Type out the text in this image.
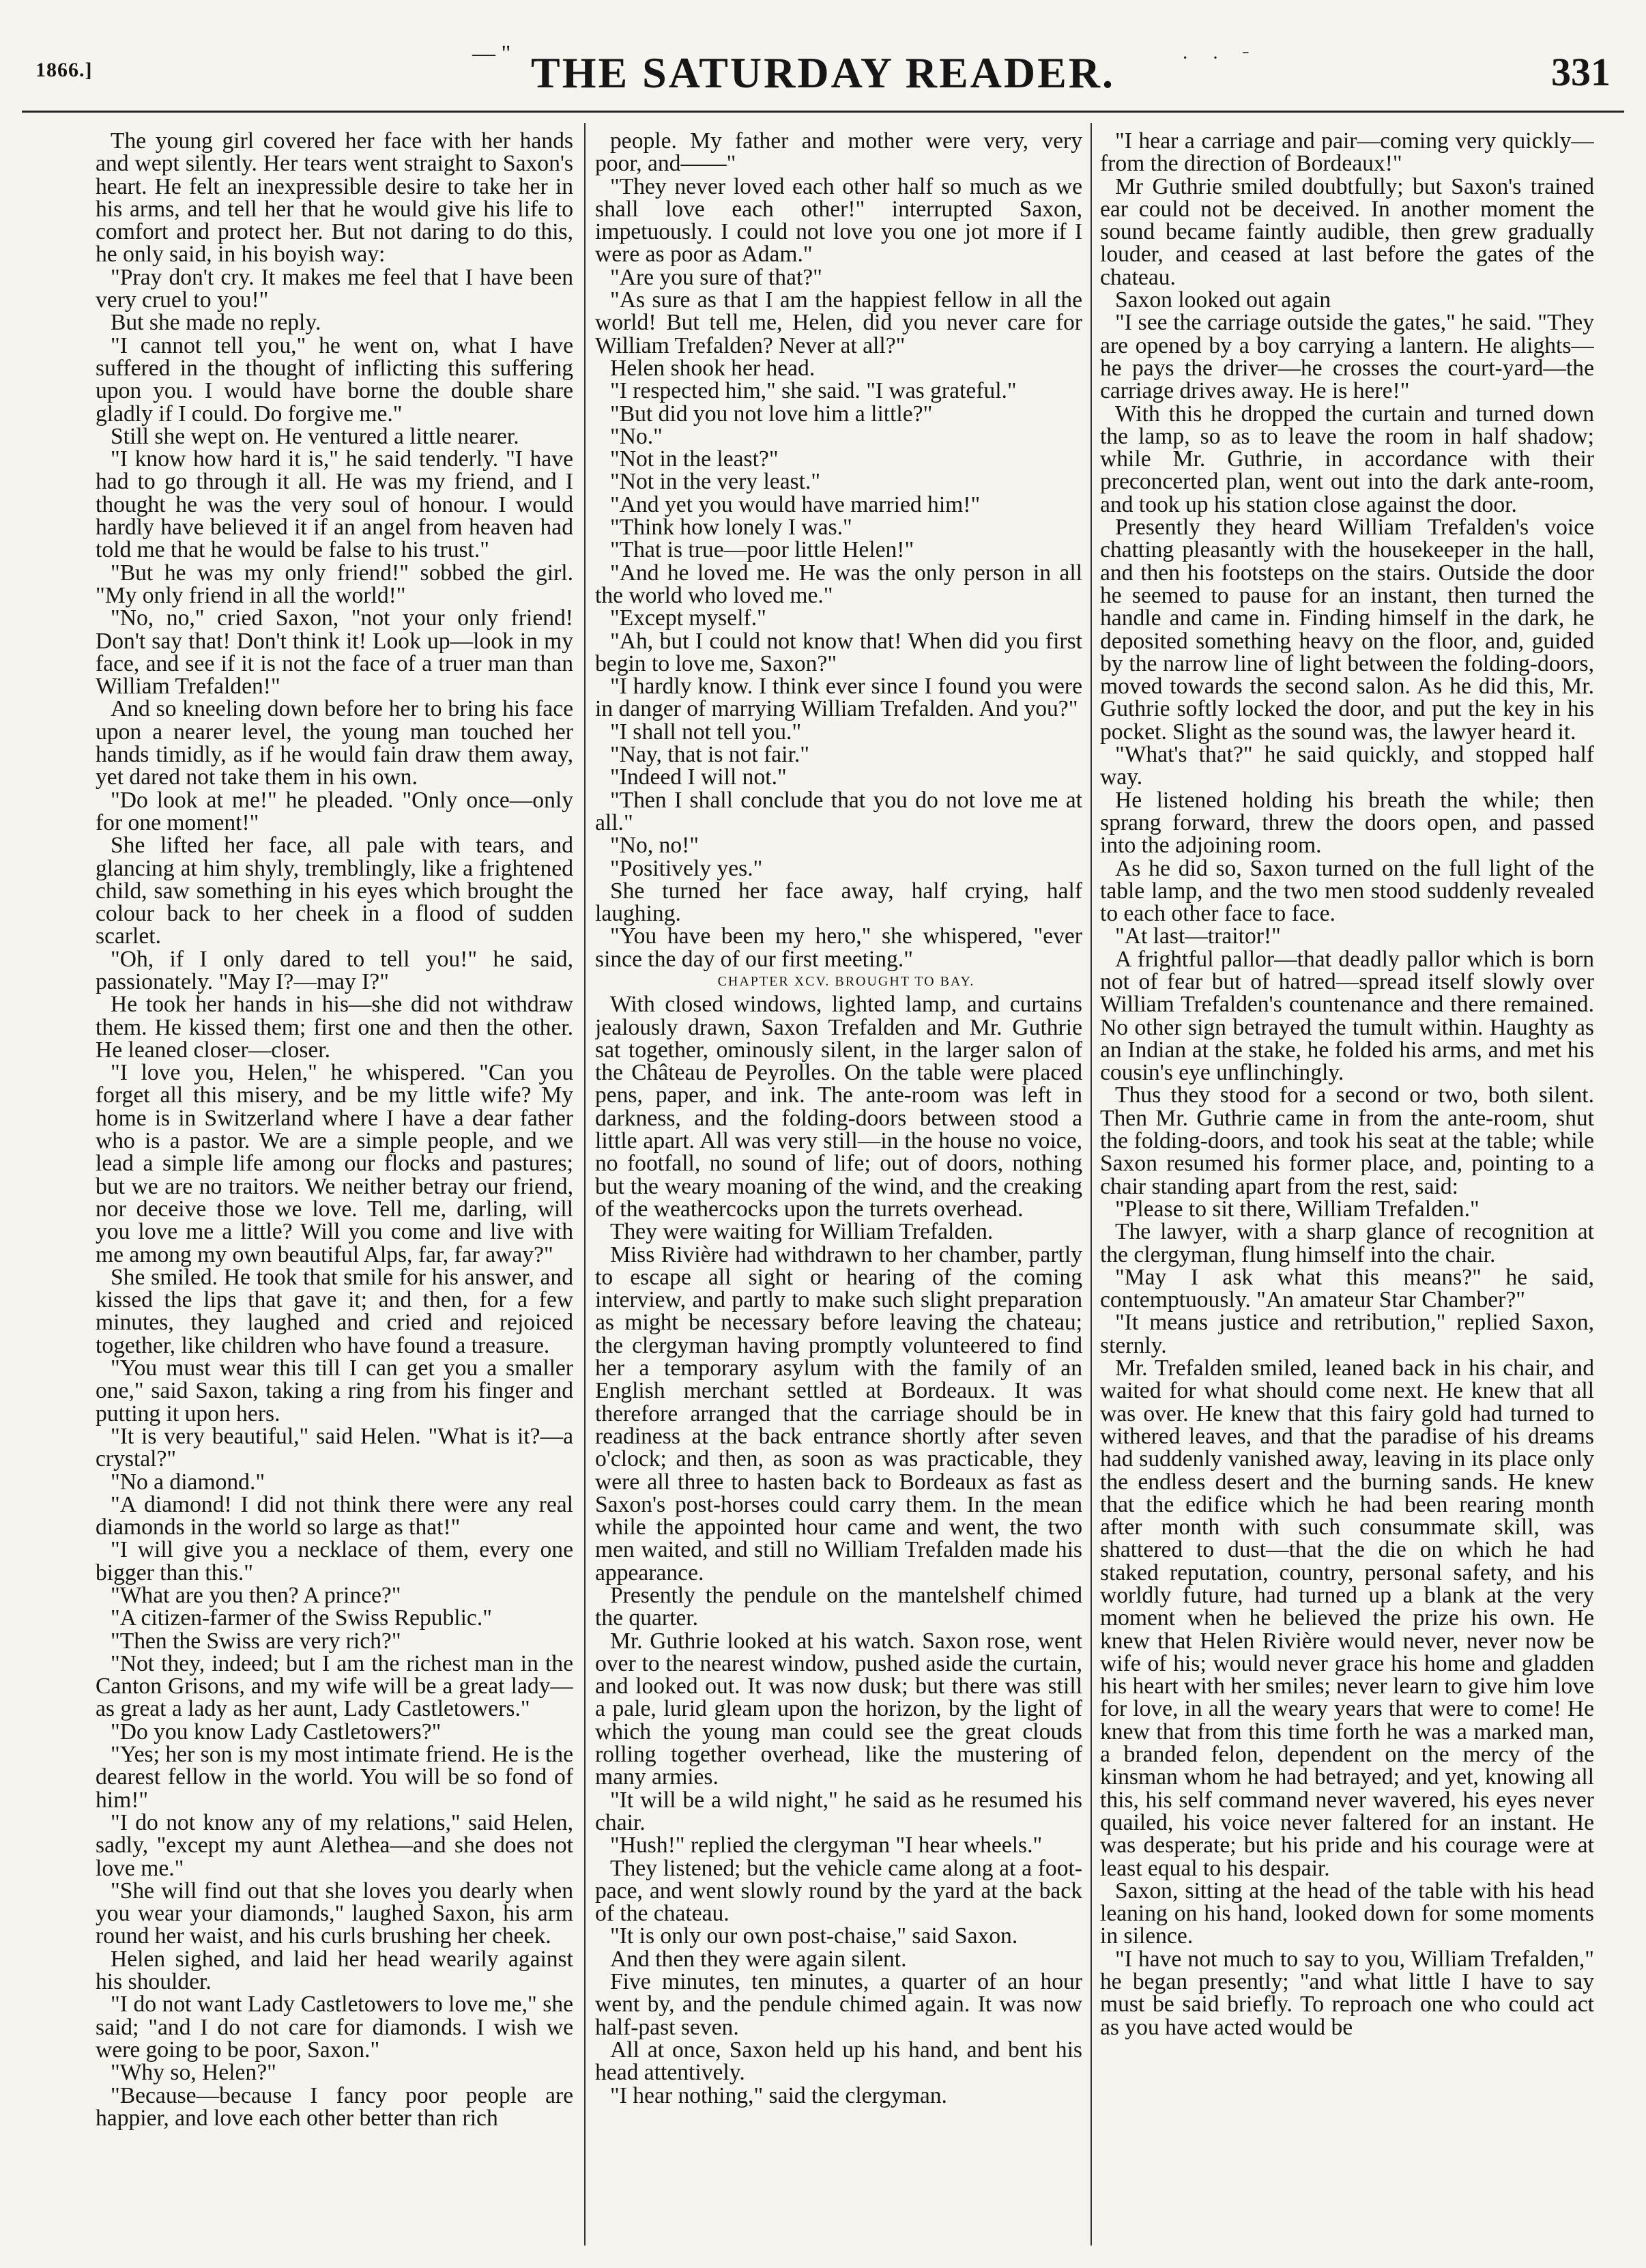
1866.]
— " THE SATURDAY READER.	· · ˉ	331

The young girl covered her face with her hands and wept silently. Her tears went straight to Saxon's heart. He felt an inexpressible desire to take her in his arms, and tell her that he would give his life to comfort and protect her. But not daring to do this, he only said, in his boyish way:

"Pray don't cry. It makes me feel that I have been very cruel to you!"

But she made no reply.

"I cannot tell you," he went on, what I have suffered in the thought of inflicting this suffering upon you. I would have borne the double share gladly if I could. Do forgive me."

Still she wept on. He ventured a little nearer.

"I know how hard it is," he said tenderly. "I have had to go through it all. He was my friend, and I thought he was the very soul of honour. I would hardly have believed it if an angel from heaven had told me that he would be false to his trust."

"But he was my only friend!" sobbed the girl. "My only friend in all the world!"

"No, no," cried Saxon, "not your only friend! Don't say that! Don't think it! Look up—look in my face, and see if it is not the face of a truer man than William Trefalden!"

And so kneeling down before her to bring his face upon a nearer level, the young man touched her hands timidly, as if he would fain draw them away, yet dared not take them in his own.

"Do look at me!" he pleaded. "Only once—only for one moment!"

She lifted her face, all pale with tears, and glancing at him shyly, tremblingly, like a frightened child, saw something in his eyes which brought the colour back to her cheek in a flood of sudden scarlet.

"Oh, if I only dared to tell you!" he said, passionately. "May I?—may I?"

He took her hands in his—she did not withdraw them. He kissed them; first one and then the other. He leaned closer—closer.

"I love you, Helen," he whispered. "Can you forget all this misery, and be my little wife? My home is in Switzerland where I have a dear father who is a pastor. We are a simple people, and we lead a simple life among our flocks and pastures; but we are no traitors. We neither betray our friend, nor deceive those we love. Tell me, darling, will you love me a little? Will you come and live with me among my own beautiful Alps, far, far away?"

She smiled. He took that smile for his answer, and kissed the lips that gave it; and then, for a few minutes, they laughed and cried and rejoiced together, like children who have found a treasure.

"You must wear this till I can get you a smaller one," said Saxon, taking a ring from his finger and putting it upon hers.

"It is very beautiful," said Helen. "What is it?—a crystal?"

"No a diamond."

"A diamond! I did not think there were any real diamonds in the world so large as that!"

"I will give you a necklace of them, every one bigger than this."

"What are you then? A prince?"

"A citizen-farmer of the Swiss Republic."

"Then the Swiss are very rich?"

"Not they, indeed; but I am the richest man in the Canton Grisons, and my wife will be a great lady—as great a lady as her aunt, Lady Castletowers."

"Do you know Lady Castletowers?"

"Yes; her son is my most intimate friend. He is the dearest fellow in the world. You will be so fond of him!"

"I do not know any of my relations," said Helen, sadly, "except my aunt Alethea—and she does not love me."

"She will find out that she loves you dearly when you wear your diamonds," laughed Saxon, his arm round her waist, and his curls brushing her cheek.

Helen sighed, and laid her head wearily against his shoulder.

"I do not want Lady Castletowers to love me," she said; "and I do not care for diamonds. I wish we were going to be poor, Saxon."

"Why so, Helen?"

"Because—because I fancy poor people are happier, and love each other better than rich

people. My father and mother were very, very poor, and——"

"They never loved each other half so much as we shall love each other!" interrupted Saxon, impetuously. I could not love you one jot more if I were as poor as Adam."

"Are you sure of that?"

"As sure as that I am the happiest fellow in all the world! But tell me, Helen, did you never care for William Trefalden? Never at all?"

Helen shook her head.

"I respected him," she said. "I was grateful."

"But did you not love him a little?"

"No."

"Not in the least?"

"Not in the very least."

"And yet you would have married him!"

"Think how lonely I was."

"That is true—poor little Helen!"

"And he loved me. He was the only person in all the world who loved me."

"Except myself."

"Ah, but I could not know that! When did you first begin to love me, Saxon?"

"I hardly know. I think ever since I found you were in danger of marrying William Trefalden. And you?"

"I shall not tell you."

"Nay, that is not fair."

"Indeed I will not."

"Then I shall conclude that you do not love me at all."

"No, no!"

"Positively yes."

She turned her face away, half crying, half laughing.

"You have been my hero," she whispered, "ever since the day of our first meeting."

CHAPTER XCV. BROUGHT TO BAY.

With closed windows, lighted lamp, and curtains jealously drawn, Saxon Trefalden and Mr. Guthrie sat together, ominously silent, in the larger salon of the Château de Peyrolles. On the table were placed pens, paper, and ink. The ante-room was left in darkness, and the folding-doors between stood a little apart. All was very still—in the house no voice, no footfall, no sound of life; out of doors, nothing but the weary moaning of the wind, and the creaking of the weathercocks upon the turrets overhead.

They were waiting for William Trefalden.

Miss Rivière had withdrawn to her chamber, partly to escape all sight or hearing of the coming interview, and partly to make such slight preparation as might be necessary before leaving the chateau; the clergyman having promptly volunteered to find her a temporary asylum with the family of an English merchant settled at Bordeaux. It was therefore arranged that the carriage should be in readiness at the back entrance shortly after seven o'clock; and then, as soon as was practicable, they were all three to hasten back to Bordeaux as fast as Saxon's post-horses could carry them. In the mean while the appointed hour came and went, the two men waited, and still no William Trefalden made his appearance.

Presently the pendule on the mantelshelf chimed the quarter.

Mr. Guthrie looked at his watch. Saxon rose, went over to the nearest window, pushed aside the curtain, and looked out. It was now dusk; but there was still a pale, lurid gleam upon the horizon, by the light of which the young man could see the great clouds rolling together overhead, like the mustering of many armies.

"It will be a wild night," he said as he resumed his chair.

"Hush!" replied the clergyman "I hear wheels."

They listened; but the vehicle came along at a foot-pace, and went slowly round by the yard at the back of the chateau.

"It is only our own post-chaise," said Saxon.

And then they were again silent.

Five minutes, ten minutes, a quarter of an hour went by, and the pendule chimed again. It was now half-past seven.

All at once, Saxon held up his hand, and bent his head attentively.

"I hear nothing," said the clergyman.

"I hear a carriage and pair—coming very quickly—from the direction of Bordeaux!"

Mr Guthrie smiled doubtfully; but Saxon's trained ear could not be deceived. In another moment the sound became faintly audible, then grew gradually louder, and ceased at last before the gates of the chateau.

Saxon looked out again

"I see the carriage outside the gates," he said. "They are opened by a boy carrying a lantern. He alights—he pays the driver—he crosses the court-yard—the carriage drives away. He is here!"

With this he dropped the curtain and turned down the lamp, so as to leave the room in half shadow; while Mr. Guthrie, in accordance with their preconcerted plan, went out into the dark ante-room, and took up his station close against the door.

Presently they heard William Trefalden's voice chatting pleasantly with the housekeeper in the hall, and then his footsteps on the stairs. Outside the door he seemed to pause for an instant, then turned the handle and came in. Finding himself in the dark, he deposited something heavy on the floor, and, guided by the narrow line of light between the folding-doors, moved towards the second salon. As he did this, Mr. Guthrie softly locked the door, and put the key in his pocket. Slight as the sound was, the lawyer heard it.

"What's that?" he said quickly, and stopped half way.

He listened holding his breath the while; then sprang forward, threw the doors open, and passed into the adjoining room.

As he did so, Saxon turned on the full light of the table lamp, and the two men stood suddenly revealed to each other face to face.

"At last—traitor!"

A frightful pallor—that deadly pallor which is born not of fear but of hatred—spread itself slowly over William Trefalden's countenance and there remained. No other sign betrayed the tumult within. Haughty as an Indian at the stake, he folded his arms, and met his cousin's eye unflinchingly.

Thus they stood for a second or two, both silent. Then Mr. Guthrie came in from the ante-room, shut the folding-doors, and took his seat at the table; while Saxon resumed his former place, and, pointing to a chair standing apart from the rest, said:

"Please to sit there, William Trefalden."

The lawyer, with a sharp glance of recognition at the clergyman, flung himself into the chair.

"May I ask what this means?" he said, contemptuously. "An amateur Star Chamber?"

"It means justice and retribution," replied Saxon, sternly.

Mr. Trefalden smiled, leaned back in his chair, and waited for what should come next. He knew that all was over. He knew that this fairy gold had turned to withered leaves, and that the paradise of his dreams had suddenly vanished away, leaving in its place only the endless desert and the burning sands. He knew that the edifice which he had been rearing month after month with such consummate skill, was shattered to dust—that the die on which he had staked reputation, country, personal safety, and his worldly future, had turned up a blank at the very moment when he believed the prize his own. He knew that Helen Rivière would never, never now be wife of his; would never grace his home and gladden his heart with her smiles; never learn to give him love for love, in all the weary years that were to come! He knew that from this time forth he was a marked man, a branded felon, dependent on the mercy of the kinsman whom he had betrayed; and yet, knowing all this, his self command never wavered, his eyes never quailed, his voice never faltered for an instant. He was desperate; but his pride and his courage were at least equal to his despair.

Saxon, sitting at the head of the table with his head leaning on his hand, looked down for some moments in silence.

"I have not much to say to you, William Trefalden," he began presently; "and what little I have to say must be said briefly. To reproach one who could act as you have acted would be
